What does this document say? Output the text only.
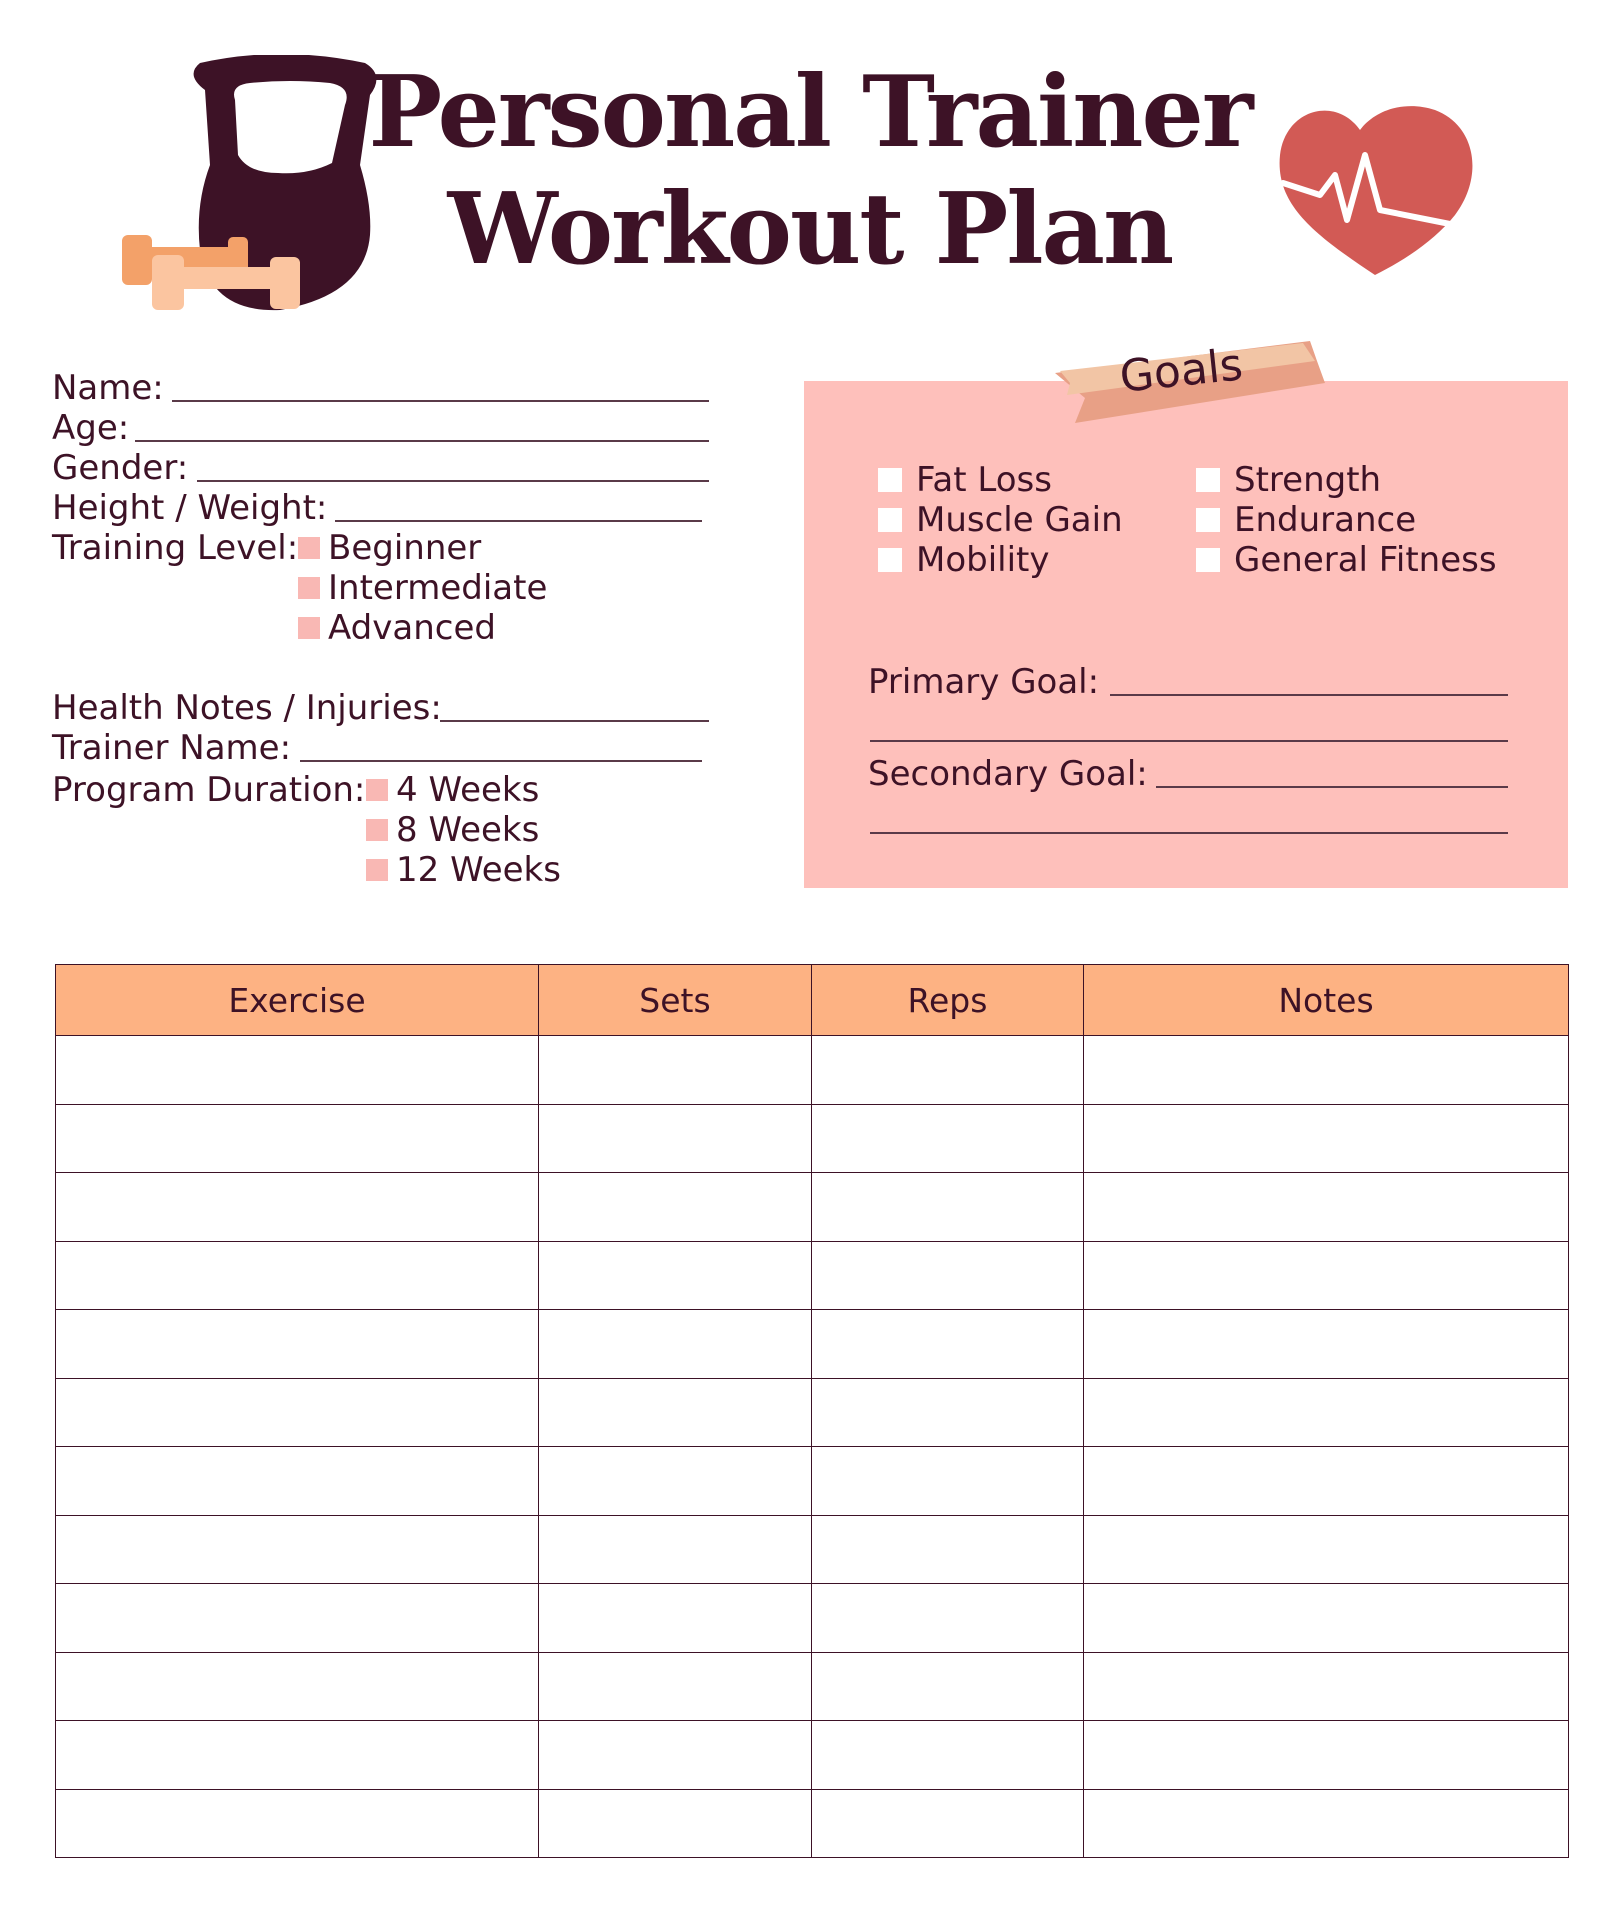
Personal Trainer
Workout Plan
Name:
Age:
Gender:
Height / Weight:
Training Level: Beginner
Intermediate
Advanced
Health Notes / Injuries:
Trainer Name:
Program Duration: 4 Weeks
8 Weeks
12 Weeks
Goals
Fat Loss
Muscle Gain
Mobility
Strength
Endurance
General Fitness
Primary Goal:
Secondary Goal:
Exercise	Sets	Reps	Notes
